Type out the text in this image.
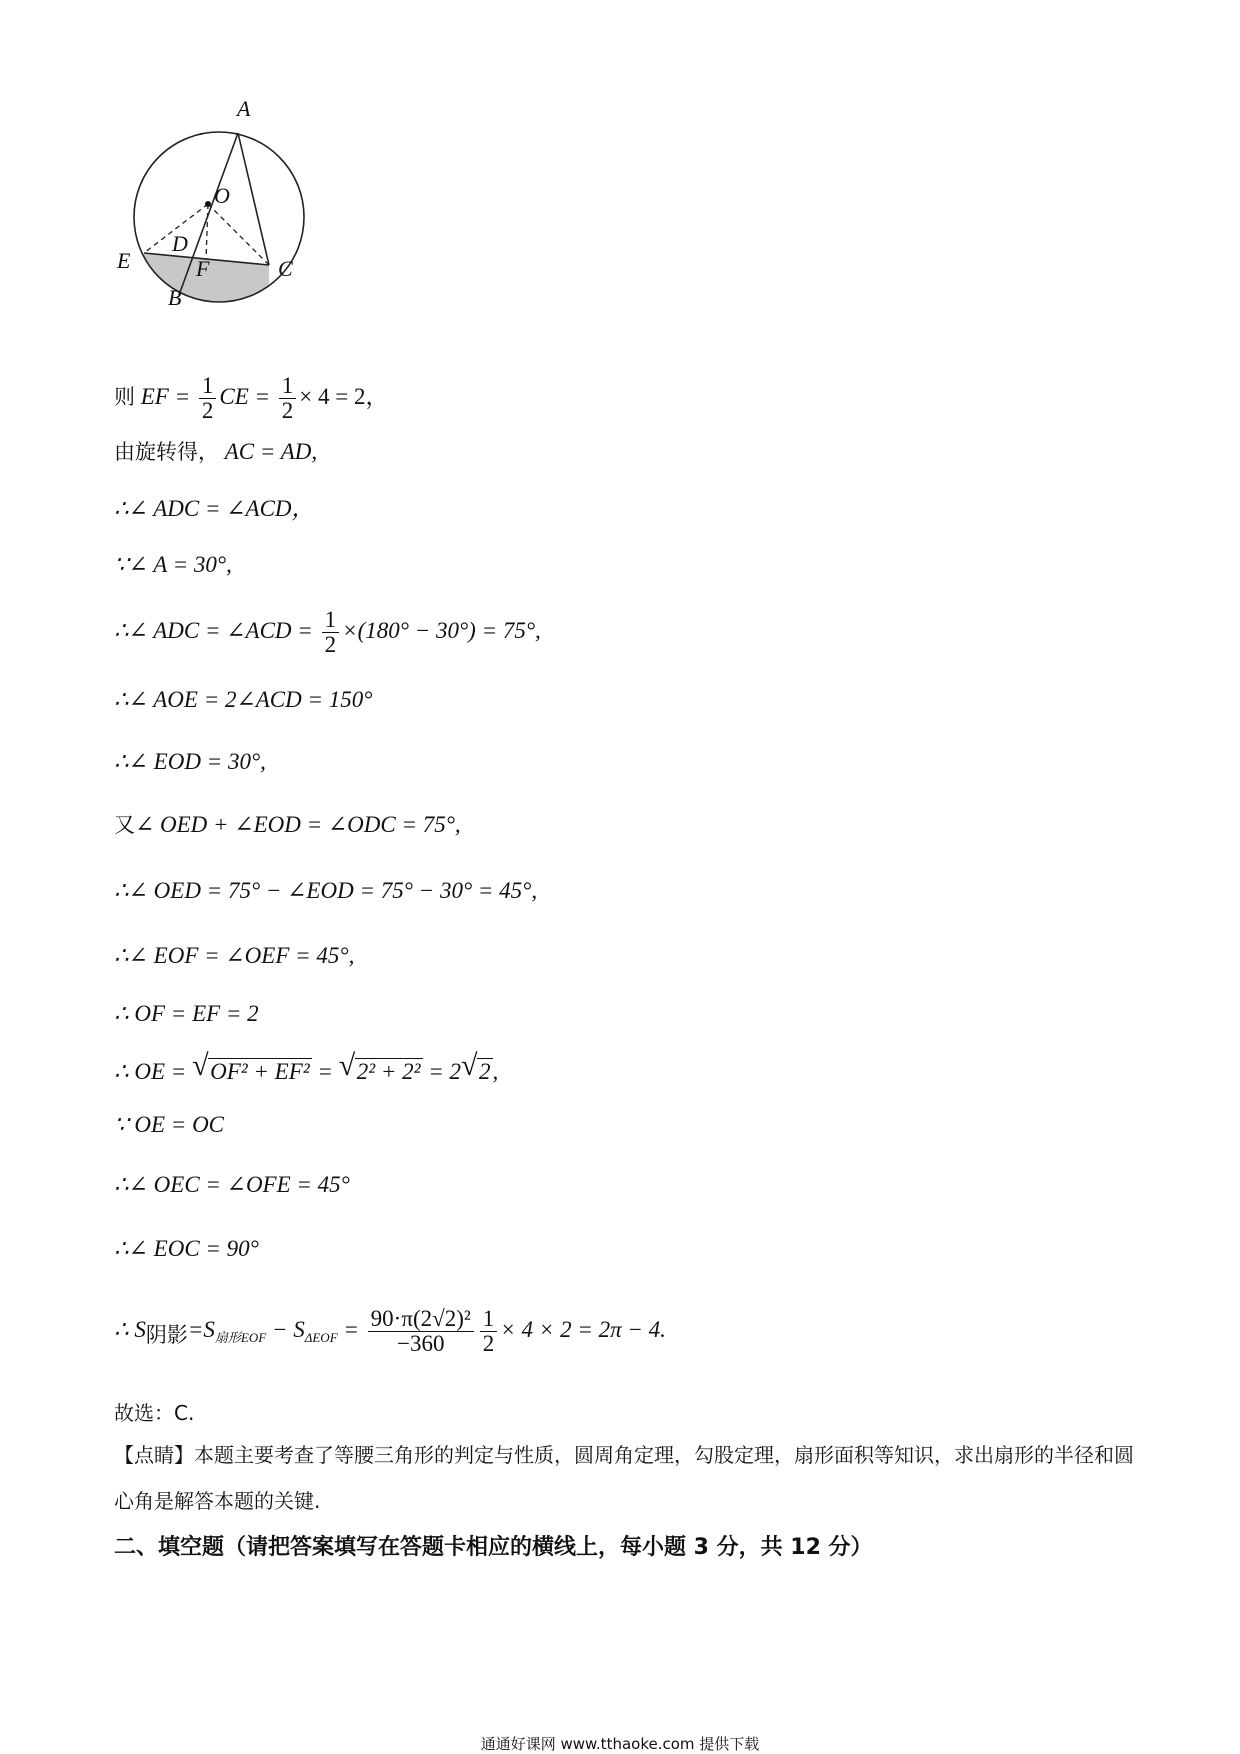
A
O
D
E	F	C
B
则 EF = $\frac{1}{2}$ CE = $\frac{1}{2} \times 4 = 2$，
由旋转得， AC = AD,
∴∠ ADC = ∠ACD，
∵∠ A = 30°,
∴∠ ADC = ∠ACD = $\frac{1}{2} \times(180^\circ - 30^\circ) = 75^\circ$,
∴∠ AOE = 2∠ACD = 150°
∴∠ EOD = 30°,
又∠ OED + ∠EOD = ∠ODC = 75°,
∴∠ OED = 75° − ∠EOD = 75° − 30° = 45°,
∴∠ EOF = ∠OEF = 45°,
∴ OF = EF = 2
∴ OE = √ OF² + EF² = √ 2² + 2² = 2 √ 2,
∵ OE = OC
∴∠ OEC = ∠OFE = 45°
∴∠ EOC = 90°
∴ $S_{阴影}=S_{扇形EOF} - S_{\Delta EOF} = \frac{\text{90·π(2√2)²}}{-360} \frac{1}{2} \times 4 \times 2 = 2\pi - 4$.
故选：C.
【点睛】本题主要考查了等腰三角形的判定与性质，圆周角定理，勾股定理，扇形面积等知识，求出扇形的半径和圆心角是解答本题的关键.
二、填空题（请把答案填写在答题卡相应的横线上，每小题 3 分，共 12 分）
通通好课网 www.tthaoke.com 提供下载
